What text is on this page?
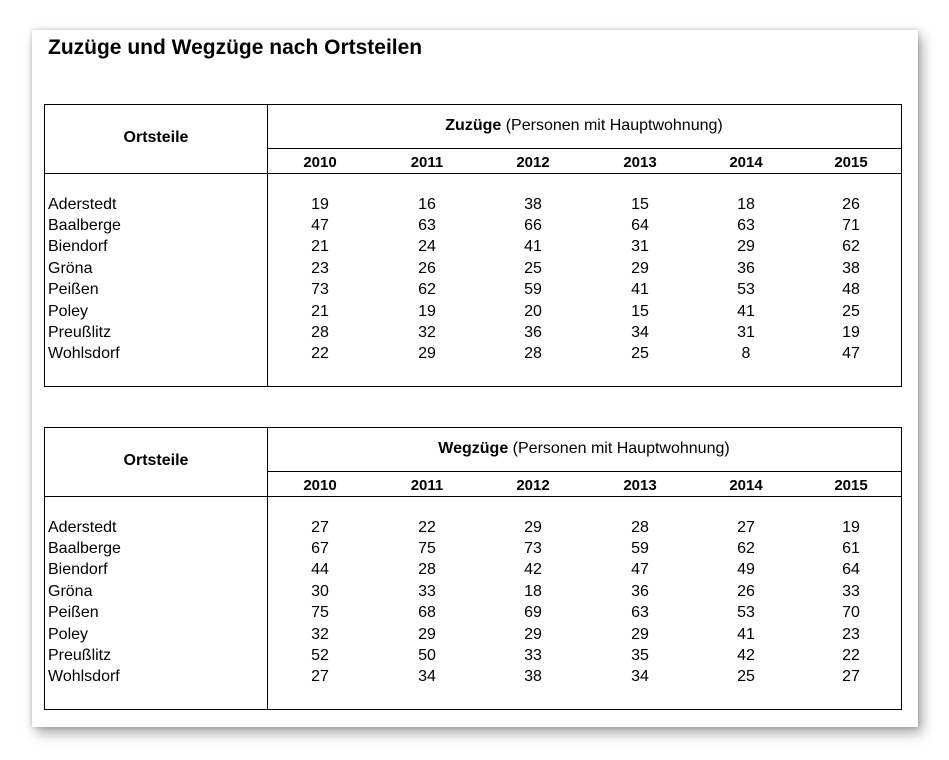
Zuzüge und Wegzüge nach Ortsteilen
Ortsteile
Zuzüge (Personen mit Hauptwohnung)
2010	2011	2012	2013	2014	2015
Aderstedt	19	16	38	15	18	26
Baalberge	47	63	66	64	63	71
Biendorf	21	24	41	31	29	62
Gröna	23	26	25	29	36	38
Peißen	73	62	59	41	53	48
Poley	21	19	20	15	41	25
Preußlitz	28	32	36	34	31	19
Wohlsdorf	22	29	28	25	8	47
Ortsteile
Wegzüge (Personen mit Hauptwohnung)
2010	2011	2012	2013	2014	2015
Aderstedt	27	22	29	28	27	19
Baalberge	67	75	73	59	62	61
Biendorf	44	28	42	47	49	64
Gröna	30	33	18	36	26	33
Peißen	75	68	69	63	53	70
Poley	32	29	29	29	41	23
Preußlitz	52	50	33	35	42	22
Wohlsdorf	27	34	38	34	25	27
